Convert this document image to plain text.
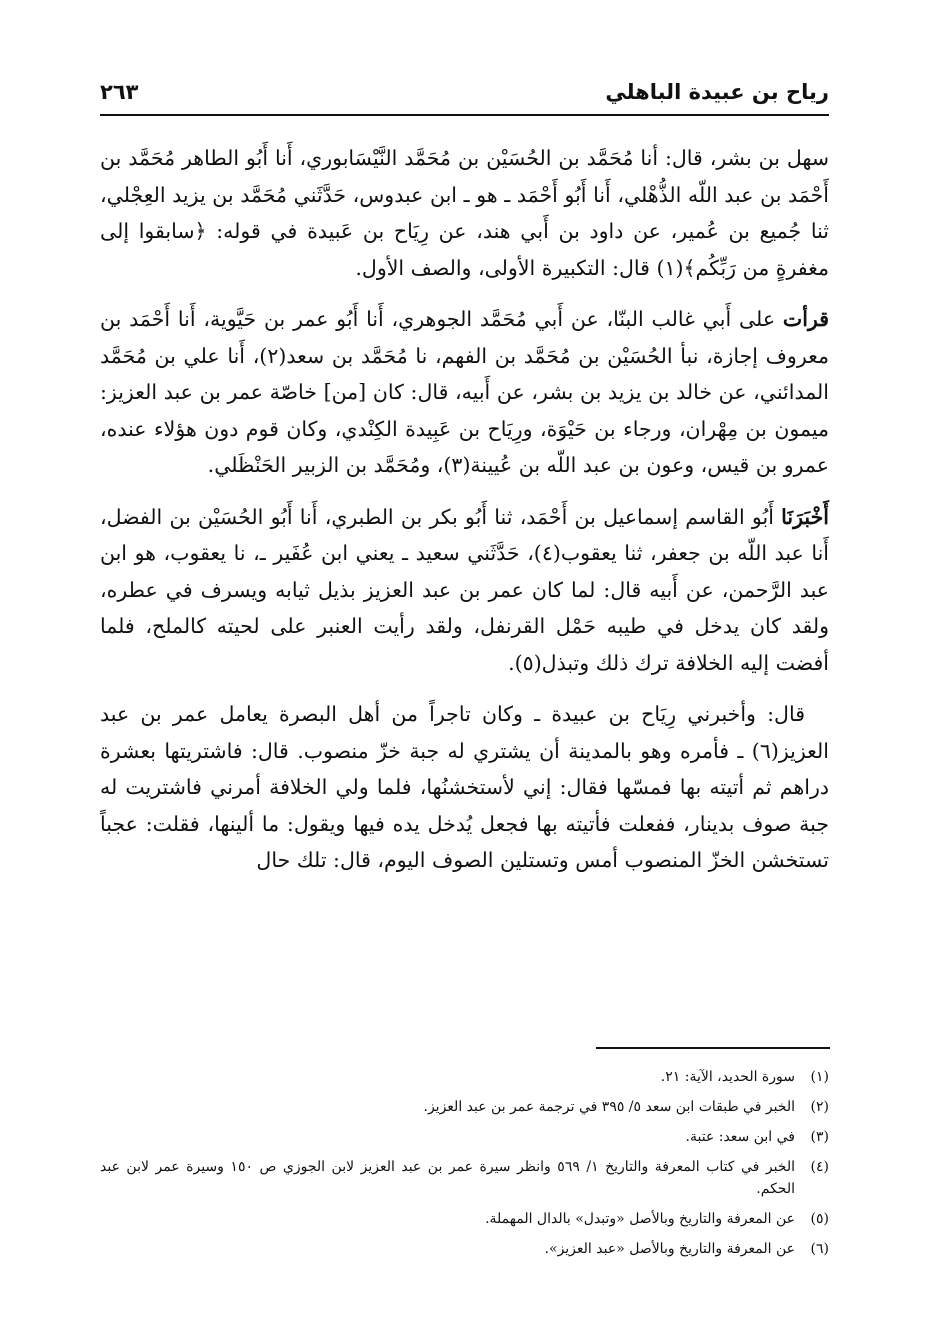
رياح بن عبيدة الباهلي
٢٦٣

سهل بن بشر، قال: أنا مُحَمَّد بن الحُسَيْن بن مُحَمَّد النَّيْسَابوري، أَنا أَبُو الطاهر مُحَمَّد بن أَحْمَد بن عبد اللّه الذُّهْلي، أَنا أَبُو أَحْمَد ـ هو ـ ابن عبدوس، حَدَّثَني مُحَمَّد بن يزيد العِجْلي، ثنا جُميع بن عُمير، عن داود بن أَبي هند، عن رِيَاح بن عَبيدة في قوله: ﴿سابقوا إلى مغفرةٍ من رَبِّكُم﴾(١) قال: التكبيرة الأولى، والصف الأول.

قرأت على أَبي غالب البنّا، عن أَبي مُحَمَّد الجوهري، أَنا أَبُو عمر بن حَيَّوية، أَنا أَحْمَد بن معروف إجازة، نبأ الحُسَيْن بن مُحَمَّد بن الفهم، نا مُحَمَّد بن سعد(٢)، أَنا علي بن مُحَمَّد المدائني، عن خالد بن يزيد بن بشر، عن أَبيه، قال: كان [من] خاصّة عمر بن عبد العزيز: ميمون بن مِهْران، ورجاء بن حَيْوَة، ورِيَاح بن عَبِيدة الكِنْدي، وكان قوم دون هؤلاء عنده، عمرو بن قيس، وعون بن عبد اللّه بن عُيينة(٣)، ومُحَمَّد بن الزبير الحَنْظَلي.

أَخْبَرَنَا أَبُو القاسم إسماعيل بن أَحْمَد، ثنا أَبُو بكر بن الطبري، أَنا أَبُو الحُسَيْن بن الفضل، أَنا عبد اللّه بن جعفر، ثنا يعقوب(٤)، حَدَّثَني سعيد ـ يعني ابن عُفَير ـ، نا يعقوب، هو ابن عبد الرَّحمن، عن أَبيه قال: لما كان عمر بن عبد العزيز بذيل ثيابه ويسرف في عطره، ولقد كان يدخل في طيبه حَمْل القرنفل، ولقد رأيت العنبر على لحيته كالملح، فلما أفضت إليه الخلافة ترك ذلك وتبذل(٥).

قال: وأخبرني رِيَاح بن عبيدة ـ وكان تاجراً من أهل البصرة يعامل عمر بن عبد العزيز(٦) ـ فأمره وهو بالمدينة أن يشتري له جبة خزّ منصوب. قال: فاشتريتها بعشرة دراهم ثم أتيته بها فمسّها فقال: إني لأستخشنُها، فلما ولي الخلافة أمرني فاشتريت له جبة صوف بدينار، ففعلت فأتيته بها فجعل يُدخل يده فيها ويقول: ما ألينها، فقلت: عجباً تستخشن الخزّ المنصوب أمس وتستلين الصوف اليوم، قال: تلك حال

(١)
سورة الحديد، الآية: ٢١.
(٢)
الخبر في طبقات ابن سعد ٥/ ٣٩٥ في ترجمة عمر بن عبد العزيز.
(٣)
في ابن سعد: عتبة.
(٤)
الخبر في كتاب المعرفة والتاريخ ١/ ٥٦٩ وانظر سيرة عمر بن عبد العزيز لابن الجوزي ص ١٥٠ وسيرة عمر لابن عبد الحكم.
(٥)
عن المعرفة والتاريخ وبالأصل «وتبدل» بالدال المهملة.
(٦)
عن المعرفة والتاريخ وبالأصل «عبد العزيز».
